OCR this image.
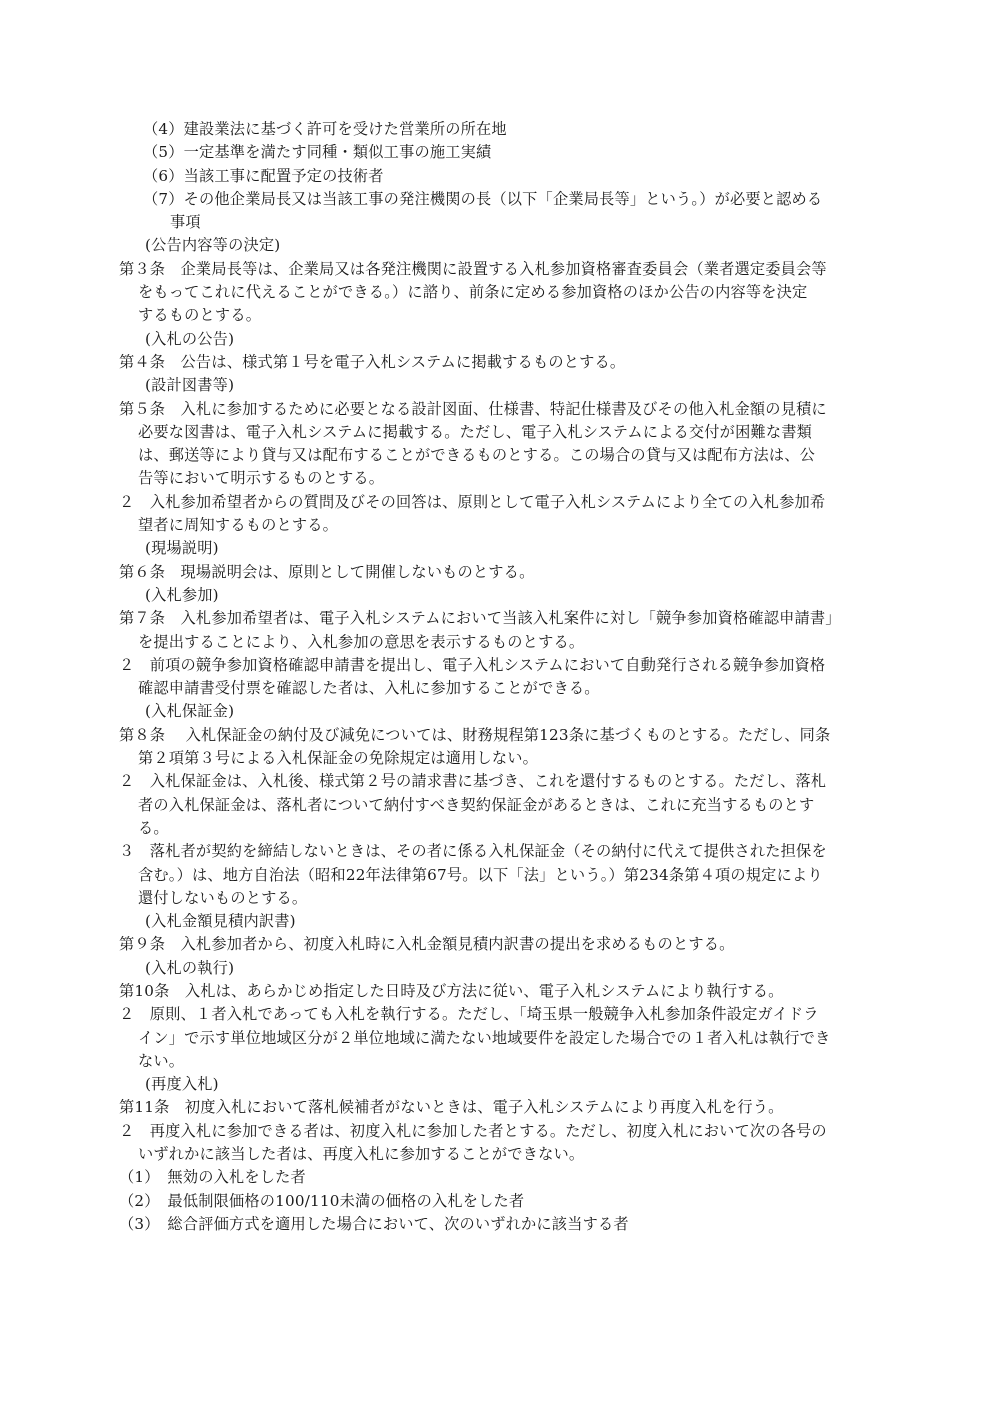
（4）建設業法に基づく許可を受けた営業所の所在地
（5）一定基準を満たす同種・類似工事の施工実績
（6）当該工事に配置予定の技術者
（7）その他企業局長又は当該工事の発注機関の長（以下「企業局長等」という。）が必要と認める
事項
(公告内容等の決定)
第３条　企業局長等は、企業局又は各発注機関に設置する入札参加資格審査委員会（業者選定委員会等
をもってこれに代えることができる。）に諮り、前条に定める参加資格のほか公告の内容等を決定
するものとする。
(入札の公告)
第４条　公告は、様式第１号を電子入札システムに掲載するものとする。
(設計図書等)
第５条　入札に参加するために必要となる設計図面、仕様書、特記仕様書及びその他入札金額の見積に
必要な図書は、電子入札システムに掲載する。ただし、電子入札システムによる交付が困難な書類
は、郵送等により貸与又は配布することができるものとする。この場合の貸与又は配布方法は、公
告等において明示するものとする。
２　入札参加希望者からの質問及びその回答は、原則として電子入札システムにより全ての入札参加希
望者に周知するものとする。
(現場説明)
第６条　現場説明会は、原則として開催しないものとする。
(入札参加)
第７条　入札参加希望者は、電子入札システムにおいて当該入札案件に対し「競争参加資格確認申請書」
を提出することにより、入札参加の意思を表示するものとする。
２　前項の競争参加資格確認申請書を提出し、電子入札システムにおいて自動発行される競争参加資格
確認申請書受付票を確認した者は、入札に参加することができる。
(入札保証金)
第８条　 入札保証金の納付及び減免については、財務規程第123条に基づくものとする。ただし、同条
第２項第３号による入札保証金の免除規定は適用しない。
２　入札保証金は、入札後、様式第２号の請求書に基づき、これを還付するものとする。ただし、落札
者の入札保証金は、落札者について納付すべき契約保証金があるときは、これに充当するものとす
る。
３　落札者が契約を締結しないときは、その者に係る入札保証金（その納付に代えて提供された担保を
含む。）は、地方自治法（昭和22年法律第67号。以下「法」という。）第234条第４項の規定により
還付しないものとする。
(入札金額見積内訳書)
第９条　入札参加者から、初度入札時に入札金額見積内訳書の提出を求めるものとする。
(入札の執行)
第10条　入札は、あらかじめ指定した日時及び方法に従い、電子入札システムにより執行する。
２　原則、１者入札であっても入札を執行する。ただし、「埼玉県一般競争入札参加条件設定ガイドラ
イン」で示す単位地域区分が２単位地域に満たない地域要件を設定した場合での１者入札は執行でき
ない。
(再度入札)
第11条　初度入札において落札候補者がないときは、電子入札システムにより再度入札を行う。
２　再度入札に参加できる者は、初度入札に参加した者とする。ただし、初度入札において次の各号の
いずれかに該当した者は、再度入札に参加することができない。
（1）　無効の入札をした者
（2）　最低制限価格の100/110未満の価格の入札をした者
（3）　総合評価方式を適用した場合において、次のいずれかに該当する者
